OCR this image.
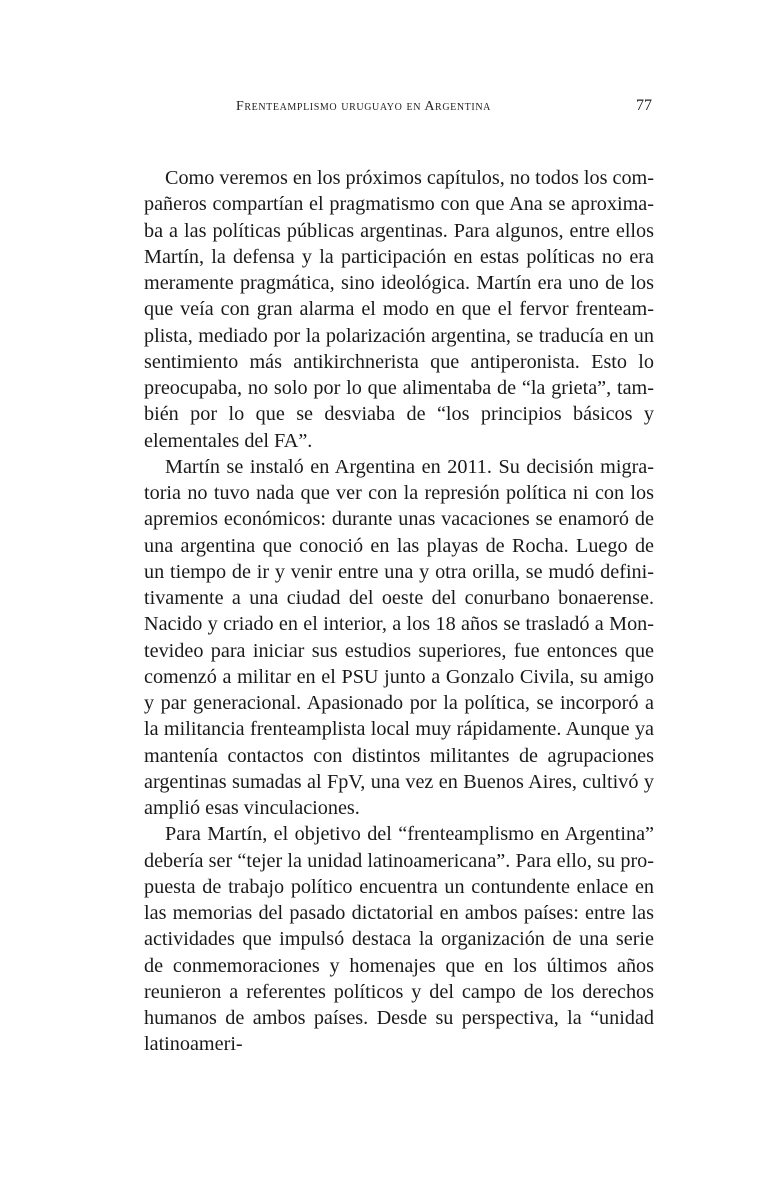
Frenteamplismo uruguayo en Argentina	77

Como veremos en los próximos capítulos, no todos los compañeros compartían el pragmatismo con que Ana se aproximaba a las políticas públicas argentinas. Para algunos, entre ellos Martín, la defensa y la participación en estas políticas no era meramente pragmática, sino ideológica. Martín era uno de los que veía con gran alarma el modo en que el fervor frenteamplista, mediado por la polarización argentina, se traducía en un sentimiento más antikirchnerista que antiperonista. Esto lo preocupaba, no solo por lo que alimentaba de “la grieta”, también por lo que se desviaba de “los principios básicos y elementales del FA”.

Martín se instaló en Argentina en 2011. Su decisión migratoria no tuvo nada que ver con la represión política ni con los apremios económicos: durante unas vacaciones se enamoró de una argentina que conoció en las playas de Rocha. Luego de un tiempo de ir y venir entre una y otra orilla, se mudó definitivamente a una ciudad del oeste del conurbano bonaerense. Nacido y criado en el interior, a los 18 años se trasladó a Montevideo para iniciar sus estudios superiores, fue entonces que comenzó a militar en el PSU junto a Gonzalo Civila, su amigo y par generacional. Apasionado por la política, se incorporó a la militancia frenteamplista local muy rápidamente. Aunque ya mantenía contactos con distintos militantes de agrupaciones argentinas sumadas al FpV, una vez en Buenos Aires, cultivó y amplió esas vinculaciones.

Para Martín, el objetivo del “frenteamplismo en Argentina” debería ser “tejer la unidad latinoamericana”. Para ello, su propuesta de trabajo político encuentra un contundente enlace en las memorias del pasado dictatorial en ambos países: entre las actividades que impulsó destaca la organización de una serie de conmemoraciones y homenajes que en los últimos años reunieron a referentes políticos y del campo de los derechos humanos de ambos países. Desde su perspectiva, la “unidad latinoameri-
